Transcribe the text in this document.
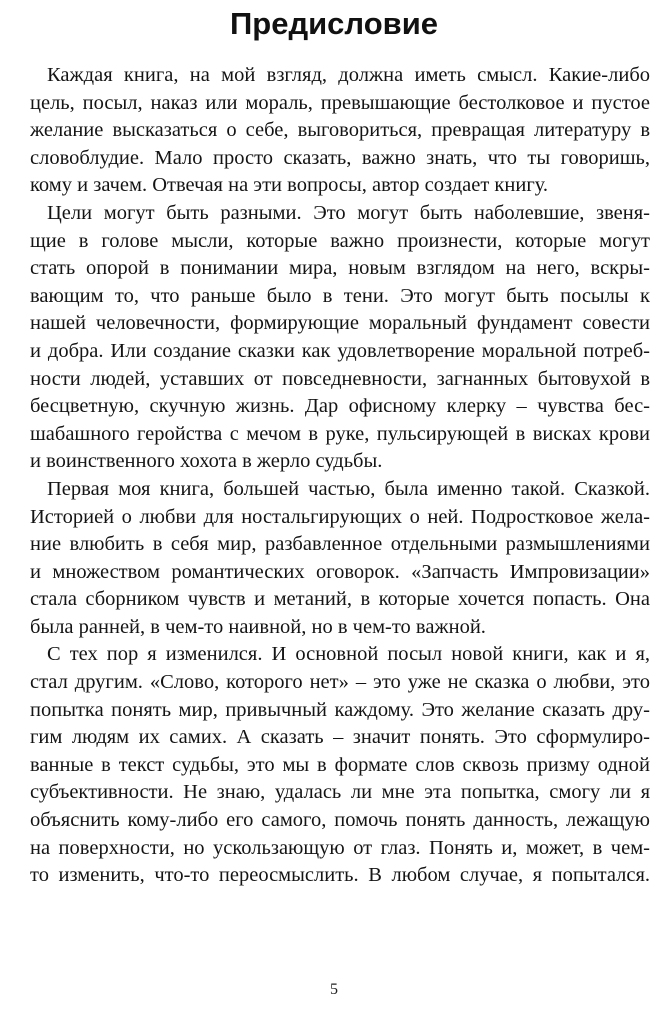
Предисловие
Каждая книга, на мой взгляд, должна иметь смысл. Какие-либо
цель, посыл, наказ или мораль, превышающие бестолковое и пустое
желание высказаться о себе, выговориться, превращая литературу в
словоблудие. Мало просто сказать, важно знать, что ты говоришь,
кому и зачем. Отвечая на эти вопросы, автор создает книгу.
Цели могут быть разными. Это могут быть наболевшие, звеня-
щие в голове мысли, которые важно произнести, которые могут
стать опорой в понимании мира, новым взглядом на него, вскры-
вающим то, что раньше было в тени. Это могут быть посылы к
нашей человечности, формирующие моральный фундамент совести
и добра. Или создание сказки как удовлетворение моральной потреб-
ности людей, уставших от повседневности, загнанных бытовухой в
бесцветную, скучную жизнь. Дар офисному клерку – чувства бес-
шабашного геройства с мечом в руке, пульсирующей в висках крови
и воинственного хохота в жерло судьбы.
Первая моя книга, большей частью, была именно такой. Сказкой.
Историей о любви для ностальгирующих о ней. Подростковое жела-
ние влюбить в себя мир, разбавленное отдельными размышлениями
и множеством романтических оговорок. «Запчасть Импровизации»
стала сборником чувств и метаний, в которые хочется попасть. Она
была ранней, в чем-то наивной, но в чем-то важной.
С тех пор я изменился. И основной посыл новой книги, как и я,
стал другим. «Слово, которого нет» – это уже не сказка о любви, это
попытка понять мир, привычный каждому. Это желание сказать дру-
гим людям их самих. А сказать – значит понять. Это сформулиро-
ванные в текст судьбы, это мы в формате слов сквозь призму одной
субъективности. Не знаю, удалась ли мне эта попытка, смогу ли я
объяснить кому-либо его самого, помочь понять данность, лежащую
на поверхности, но ускользающую от глаз. Понять и, может, в чем-
то изменить, что-то переосмыслить. В любом случае, я попытался.
5
